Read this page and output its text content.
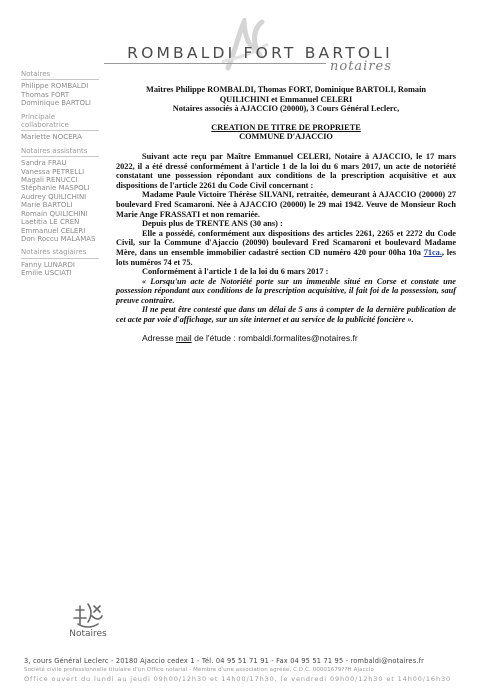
ROMBALDI FORT BARTOLI
notaires
Notaires
Philippe ROMBALDI
Thomas FORT
Dominique BARTOLI
Principale collaboratrice
Mariette NOCERA
Notaires assistants
Sandra FRAU
Vanessa PETRELLI
Magali RENUCCI
Stéphanie MASPOLI
Audrey QUILICHINI
Marie BARTOLI
Romain QUILICHINI
Laetitia LE CREN
Emmanuel CELERI
Don Roccu MALAMAS
Notaires stagiaires
Fanny LUNARDI
Emilie USCIATI
Maîtres Philippe ROMBALDI, Thomas FORT, Dominique BARTOLI, Romain
QUILICHINI et Emmanuel CELERI
Notaires associés à AJACCIO (20000), 3 Cours Général Leclerc,
CREATION DE TITRE DE PROPRIETE
COMMUNE D'AJACCIO

Suivant acte reçu par Maître Emmanuel CELERI, Notaire à AJACCIO, le 17 mars 2022, il a été dressé conformément à l'article 1 de la loi du 6 mars 2017, un acte de notoriété constatant une possession répondant aux conditions de la prescription acquisitive et aux dispositions de l'article 2261 du Code Civil concernant :

Madame Paule Victoire Thérèse SILVANI, retraitée, demeurant à AJACCIO (20000) 27 boulevard Fred Scamaroni. Née à AJACCIO (20000) le 29 mai 1942. Veuve de Monsieur Roch Marie Ange FRASSATI et non remariée.

Depuis plus de TRENTE ANS (30 ans) :

Elle a possédé, conformément aux dispositions des articles 2261, 2265 et 2272 du Code Civil, sur la Commune d'Ajaccio (20090) boulevard Fred Scamaroni et boulevard Madame Mère, dans un ensemble immobilier cadastré section CD numéro 420 pour 00ha 10a 71ca., les lots numéros 74 et 75.

Conformément à l'article 1 de la loi du 6 mars 2017 :

« Lorsqu'un acte de Notoriété porte sur un immeuble situé en Corse et constate une possession répondant aux conditions de la prescription acquisitive, il fait foi de la possession, sauf preuve contraire.

Il ne peut être contesté que dans un délai de 5 ans à compter de la dernière publication de cet acte par voie d'affichage, sur un site internet et au service de la publicité foncière ».

Adresse mail de l'étude : rombaldi.formalites@notaires.fr

Notaires
3, cours Général Leclerc - 20180 Ajaccio cedex 1 - Tél. 04 95 51 71 91 - Fax 04 95 51 71 95 - rombaldi@notaires.fr
Société civile professionnelle titulaire d'un Office notarial - Membre d'une association agréée, C.D.C. 00001679??H Ajaccio
Office ouvert du lundi au jeudi 09h00/12h30 et 14h00/17h30, le vendredi 09h00/12h30 et 14h00/16h30
